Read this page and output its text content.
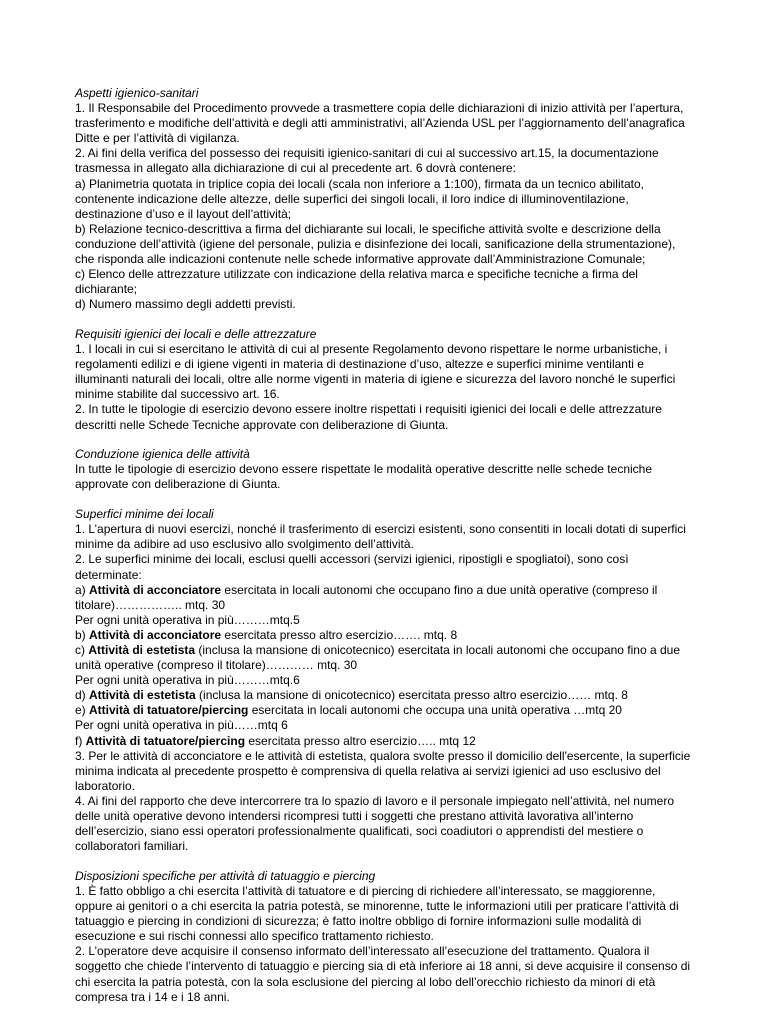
Aspetti igienico-sanitari

1. Il Responsabile del Procedimento provvede a trasmettere copia delle dichiarazioni di inizio attività per l’apertura, trasferimento e modifiche dell’attività e degli atti amministrativi, all’Azienda USL per l’aggiornamento dell’anagrafica Ditte e per l’attività di vigilanza.

2. Ai fini della verifica del possesso dei requisiti igienico-sanitari di cui al successivo art.15, la documentazione trasmessa in allegato alla dichiarazione di cui al precedente art. 6 dovrà contenere:

a) Planimetria quotata in triplice copia dei locali (scala non inferiore a 1:100), firmata da un tecnico abilitato, contenente indicazione delle altezze, delle superfici dei singoli locali, il loro indice di illuminoventilazione, destinazione d’uso e il layout dell’attività;

b) Relazione tecnico-descrittiva a firma del dichiarante sui locali, le specifiche attività svolte e descrizione della conduzione dell’attività (igiene del personale, pulizia e disinfezione dei locali, sanificazione della strumentazione), che risponda alle indicazioni contenute nelle schede informative approvate dall’Amministrazione Comunale;

c) Elenco delle attrezzature utilizzate con indicazione della relativa marca e specifiche tecniche a firma del dichiarante;

d) Numero massimo degli addetti previsti.

Requisiti igienici dei locali e delle attrezzature

1. I locali in cui si esercitano le attività di cui al presente Regolamento devono rispettare le norme urbanistiche, i regolamenti edilizi e di igiene vigenti in materia di destinazione d’uso, altezze e superfici minime ventilanti e illuminanti naturali dei locali, oltre alle norme vigenti in materia di igiene e sicurezza del lavoro nonché le superfici minime stabilite dal successivo art. 16.

2. In tutte le tipologie di esercizio devono essere inoltre rispettati i requisiti igienici dei locali e delle attrezzature descritti nelle Schede Tecniche approvate con deliberazione di Giunta.

Conduzione igienica delle attività

In tutte le tipologie di esercizio devono essere rispettate le modalità operative descritte nelle schede tecniche approvate con deliberazione di Giunta.

Superfici minime dei locali

1. L’apertura di nuovi esercizi, nonché il trasferimento di esercizi esistenti, sono consentiti in locali dotati di superfici minime da adibire ad uso esclusivo allo svolgimento dell’attività.

2. Le superfici minime dei locali, esclusi quelli accessori (servizi igienici, ripostigli e spogliatoi), sono così determinate:

a) Attività di acconciatore esercitata in locali autonomi che occupano fino a due unità operative (compreso il titolare)…………….. mtq. 30

Per ogni unità operativa in più………mtq.5

b) Attività di acconciatore esercitata presso altro esercizio……. mtq. 8

c) Attività di estetista (inclusa la mansione di onicotecnico) esercitata in locali autonomi che occupano fino a due unità operative (compreso il titolare)………… mtq. 30

Per ogni unità operativa in più………mtq.6

d) Attività di estetista (inclusa la mansione di onicotecnico) esercitata presso altro esercizio…… mtq. 8

e) Attività di tatuatore/piercing esercitata in locali autonomi che occupa una unità operativa …mtq 20

Per ogni unità operativa in più……mtq 6

f) Attività di tatuatore/piercing esercitata presso altro esercizio….. mtq 12

3. Per le attività di acconciatore e le attività di estetista, qualora svolte presso il domicilio dell'esercente, la superficie minima indicata al precedente prospetto è comprensiva di quella relativa ai servizi igienici ad uso esclusivo del laboratorio.

4. Ai fini del rapporto che deve intercorrere tra lo spazio di lavoro e il personale impiegato nell’attività, nel numero delle unità operative devono intendersi ricompresi tutti i soggetti che prestano attività lavorativa all’interno dell’esercizio, siano essi operatori professionalmente qualificati, soci coadiutori o apprendisti del mestiere o collaboratori familiari.

Disposizioni specifiche per attività di tatuaggio e piercing

1. È fatto obbligo a chi esercita l’attività di tatuatore e di piercing di richiedere all’interessato, se maggiorenne, oppure ai genitori o a chi esercita la patria potestà, se minorenne, tutte le informazioni utili per praticare l’attività di tatuaggio e piercing in condizioni di sicurezza; è fatto inoltre obbligo di fornire informazioni sulle modalità di esecuzione e sui rischi connessi allo specifico trattamento richiesto.

2. L’operatore deve acquisire il consenso informato dell’interessato all’esecuzione del trattamento. Qualora il soggetto che chiede l’intervento di tatuaggio e piercing sia di età inferiore ai 18 anni, si deve acquisire il consenso di chi esercita la patria potestà, con la sola esclusione del piercing al lobo dell’orecchio richiesto da minori di età compresa tra i 14 e i 18 anni.
